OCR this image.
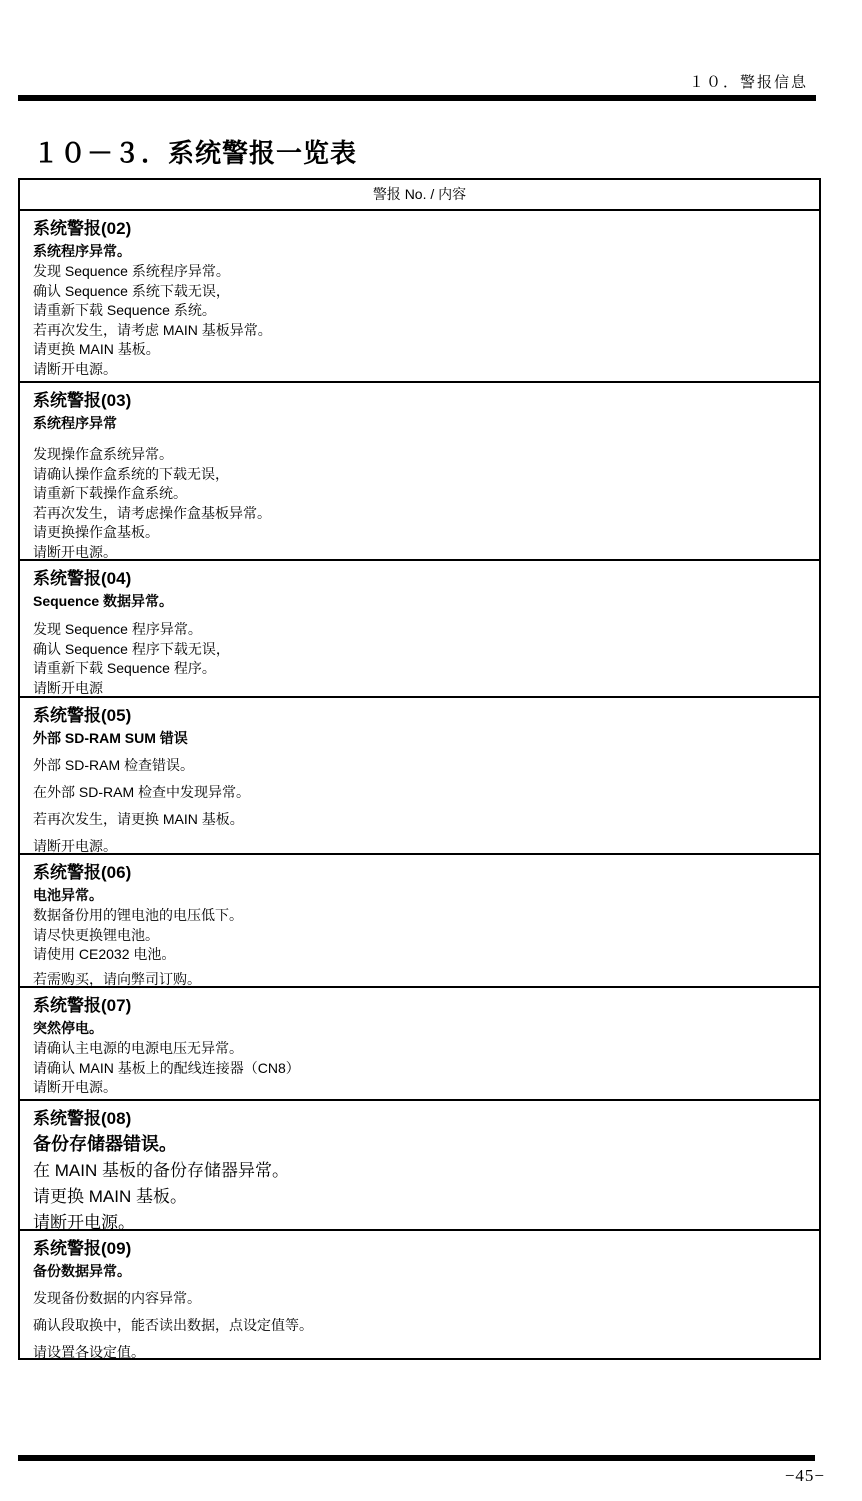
１０．警报信息
１０－３．系统警报一览表
警报 No. / 内容
系统警报(02)
系统程序异常。
发现 Sequence 系统程序异常。
确认 Sequence 系统下载无误，
请重新下载 Sequence 系统。
若再次发生，请考虑 MAIN 基板异常。
请更换 MAIN 基板。
请断开电源。
系统警报(03)
系统程序异常
发现操作盒系统异常。
请确认操作盒系统的下载无误，
请重新下载操作盒系统。
若再次发生，请考虑操作盒基板异常。
请更换操作盒基板。
请断开电源。
系统警报(04)
Sequence 数据异常。
发现 Sequence 程序异常。
确认 Sequence 程序下载无误，
请重新下载 Sequence 程序。
请断开电源
系统警报(05)
外部 SD-RAM SUM 错误
外部 SD-RAM 检查错误。
在外部 SD-RAM 检查中发现异常。
若再次发生，请更换 MAIN 基板。
请断开电源。
系统警报(06)
电池异常。
数据备份用的锂电池的电压低下。
请尽快更换锂电池。
请使用 CE2032 电池。
若需购买，请向弊司订购。
系统警报(07)
突然停电。
请确认主电源的电源电压无异常。
请确认 MAIN 基板上的配线连接器（CN8）
请断开电源。
系统警报(08)
备份存储器错误。
在 MAIN 基板的备份存储器异常。
请更换 MAIN 基板。
请断开电源。
系统警报(09)
备份数据异常。
发现备份数据的内容异常。
确认段取换中，能否读出数据，点设定值等。
请设置各设定值。
−45−
